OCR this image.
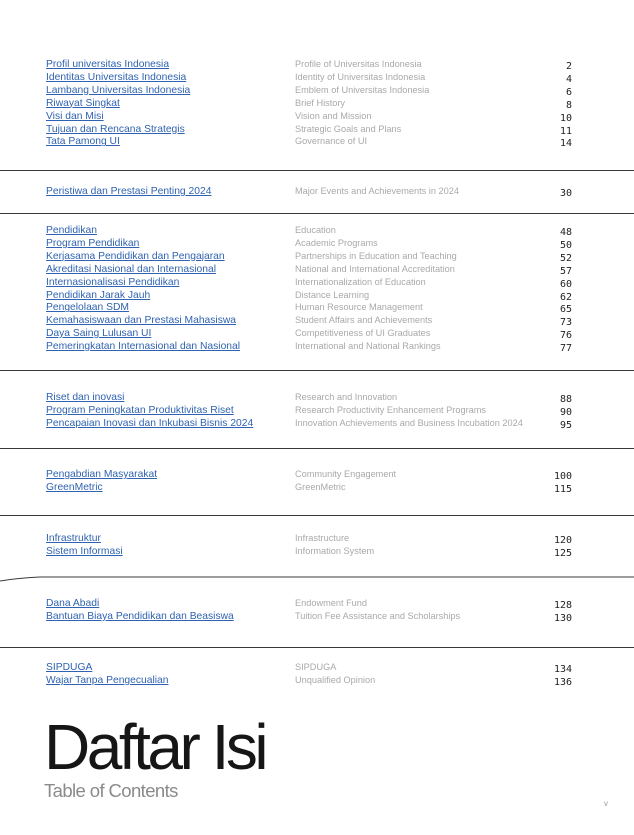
Profil universitas Indonesia	Profile of Universitas Indonesia	2
Identitas Universitas Indonesia	Identity of Universitas Indonesia	4
Lambang Universitas Indonesia	Emblem of Universitas Indonesia	6
Riwayat Singkat	Brief History	8
Visi dan Misi	Vision and Mission	10
Tujuan dan Rencana Strategis	Strategic Goals and Plans	11
Tata Pamong UI	Governance of UI	14
Peristiwa dan Prestasi Penting 2024	Major Events and Achievements in 2024	30
Pendidikan	Education	48
Program Pendidikan	Academic Programs	50
Kerjasama Pendidikan dan Pengajaran	Partnerships in Education and Teaching	52
Akreditasi Nasional dan Internasional	National and International Accreditation	57
Internasionalisasi Pendidikan	Internationalization of Education	60
Pendidikan Jarak Jauh	Distance Learning	62
Pengelolaan SDM	Human Resource Management	65
Kemahasiswaan dan Prestasi Mahasiswa	Student Affairs and Achievements	73
Daya Saing Lulusan UI	Competitiveness of UI Graduates	76
Pemeringkatan Internasional dan Nasional	International and National Rankings	77
Riset dan inovasi	Research and Innovation	88
Program Peningkatan Produktivitas Riset	Research Productivity Enhancement Programs	90
Pencapaian Inovasi dan Inkubasi Bisnis 2024	Innovation Achievements and Business Incubation 2024	95
Pengabdian Masyarakat	Community Engagement	100
GreenMetric	GreenMetric	115
Infrastruktur	Infrastructure	120
Sistem Informasi	Information System	125
Dana Abadi	Endowment Fund	128
Bantuan Biaya Pendidikan dan Beasiswa	Tuition Fee Assistance and Scholarships	130
SIPDUGA	SIPDUGA	134
Wajar Tanpa Pengecualian	Unqualified Opinion	136
Daftar Isi
Table of Contents
v
